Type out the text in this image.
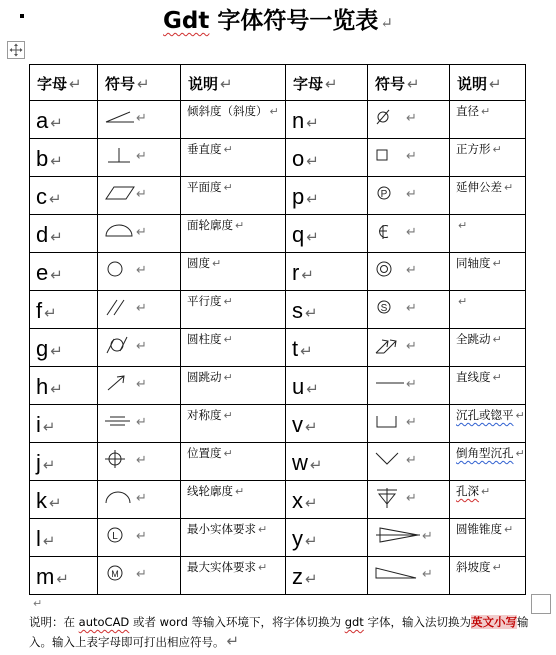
Gdt 字体符号一览表 ↵
字母 ↵	符号 ↵	说明 ↵	字母 ↵	符号 ↵	说明 ↵

a ↵	↵	倾斜度（斜度） ↵	n ↵	↵	直径 ↵

b ↵	↵	垂直度 ↵	o ↵	↵	正方形 ↵

c ↵	↵	平面度 ↵	p ↵	P ↵	延伸公差 ↵

d ↵	↵	面轮廓度 ↵	q ↵	↵	↵

e ↵	↵	圆度 ↵	r ↵	↵	同轴度 ↵

f ↵	↵	平行度 ↵	s ↵	S ↵	↵

g ↵	↵	圆柱度 ↵	t ↵	↵	全跳动 ↵

h ↵	↵	圆跳动 ↵	u ↵	↵	直线度 ↵

i ↵	↵	对称度 ↵	v ↵	↵	沉孔或锪平 ↵

j ↵	↵	位置度 ↵	w ↵	↵	倒角型沉孔 ↵

k ↵	↵	线轮廓度 ↵	x ↵	↵	孔深 ↵

l ↵	L ↵	最小实体要求 ↵	y ↵	↵	圆锥锥度 ↵

m ↵	M ↵	最大实体要求 ↵	z ↵	↵	斜坡度 ↵
↵
说明：在 autoCAD 或者 word 等输入环境下，将字体切换为 gdt 字体，输入法切换为英文小写输入。输入上表字母即可打出相应符号。 ↵
